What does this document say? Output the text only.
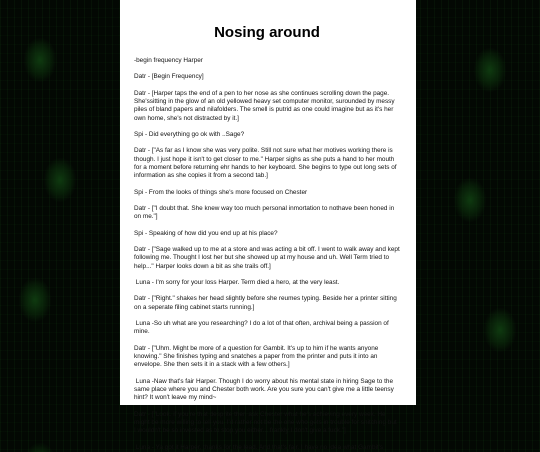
Nosing around

-begin frequency Harper

Datr - [Begin Frequency]

Datr - [Harper taps the end of a pen to her nose as she continues scrolling down the page. She'ssitting in the glow of an old yellowed heavy set computer monitor, surounded by messy piles of bland papers and nilafolders. The smell is putrid as one could imagine but as it's her own home, she's not distracted by it.]

Spi - Did everything go ok with ..Sage?

Datr - ["As far as I know she was very polite. Still not sure what her motives working there is though. I just hope it isn't to get closer to me." Harper sighs as she puts a hand to her mouth for a moment before returning ehr hands to her keyboard. She begins to type out long sets of information as she copies it from a second tab.]

Spi - From the looks of things she's more focused on Chester

Datr - ["I doubt that. She knew way too much personal inmortation to nothave been honed in on me."]

Spi - Speaking of how did you end up at his place?

Datr - ["Sage walked up to me at a store and was acting a bit off. I went to walk away and kept following me. Thought I lost her but she showed up at my house and uh. Well Term tried to help..." Harper looks down a bit as she trails off.]

Luna - I'm sorry for your loss Harper. Term died a hero, at the very least.

Datr - ["Right." shakes her head slightly before she reumes typing. Beside her a printer sitting on a seperate filing cabinet starts running.]

Luna -So uh what are you researching? I do a lot of that often, archival being a passion of mine.

Datr - ["Uhm. Might be more of a question for Gambit. It's up to him if he wants anyone knowing." She finishes typing and snatches a paper from the printer and puts it into an envelope. She then sets it in a stack with a few others.]

Luna -Naw that's fair Harper. Though I do worry about his mental state in hiring Sage to the same place where you and Chester both work. Are you sure you can't give me a little teensy hint? It won't leave my mind~

Datr - ["Look. if you're that desprite then ask Chester what he's achieving every week. He might be more willing to tell you. I'd rather not be the one who gets in trouble for snitching but I wouldn't be so invested as to stop you either... frankly I don't give a fuck."]

Luna - Ya got it Harper, thanks for the lead. And that's fair. I have no idea what Gambit's
